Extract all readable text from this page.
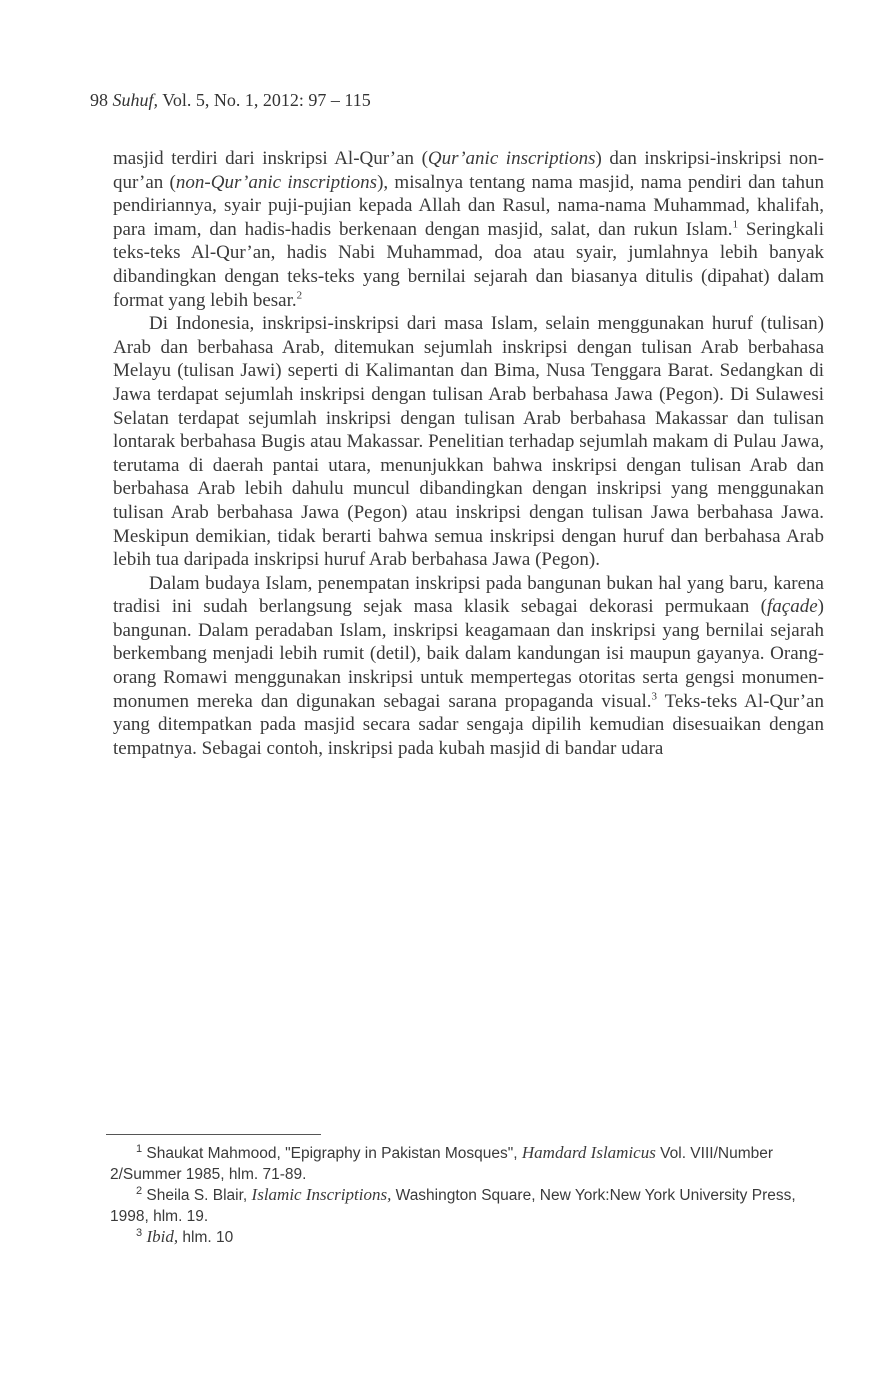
98 Suhuf, Vol. 5, No. 1, 2012: 97 – 115

masjid terdiri dari inskripsi Al-Qur’an (Qur’anic inscriptions) dan inskripsi-inskripsi non-qur’an (non-Qur’anic inscriptions), misalnya tentang nama masjid, nama pendiri dan tahun pendiriannya, syair puji-pujian kepada Allah dan Rasul, nama-nama Muhammad, khalifah, para imam, dan hadis-hadis berkenaan dengan masjid, salat, dan rukun Islam.$^1$ Seringkali teks-teks Al-Qur’an, hadis Nabi Muhammad, doa atau syair, jumlahnya lebih banyak dibandingkan dengan teks-teks yang bernilai sejarah dan biasanya ditulis (dipahat) dalam format yang lebih besar.$^2$

Di Indonesia, inskripsi-inskripsi dari masa Islam, selain menggunakan huruf (tulisan) Arab dan berbahasa Arab, ditemukan sejumlah inskripsi dengan tulisan Arab berbahasa Melayu (tulisan Jawi) seperti di Kalimantan dan Bima, Nusa Tenggara Barat. Sedangkan di Jawa terdapat sejumlah inskripsi dengan tulisan Arab berbahasa Jawa (Pegon). Di Sulawesi Selatan terdapat sejumlah inskripsi dengan tulisan Arab berbahasa Makassar dan tulisan lontarak berbahasa Bugis atau Makassar. Penelitian terhadap sejumlah makam di Pulau Jawa, terutama di daerah pantai utara, menunjukkan bahwa inskripsi dengan tulisan Arab dan berbahasa Arab lebih dahulu muncul dibandingkan dengan inskripsi yang menggunakan tulisan Arab berbahasa Jawa (Pegon) atau inskripsi dengan tulisan Jawa berbahasa Jawa. Meskipun demikian, tidak berarti bahwa semua inskripsi dengan huruf dan berbahasa Arab lebih tua daripada inskripsi huruf Arab berbahasa Jawa (Pegon).

Dalam budaya Islam, penempatan inskripsi pada bangunan bukan hal yang baru, karena tradisi ini sudah berlangsung sejak masa klasik sebagai dekorasi permukaan (façade) bangunan. Dalam peradaban Islam, inskripsi keagamaan dan inskripsi yang bernilai sejarah berkembang menjadi lebih rumit (detil), baik dalam kandungan isi maupun gayanya. Orang-orang Romawi menggunakan inskripsi untuk mempertegas otoritas serta gengsi monumen-monumen mereka dan digunakan sebagai sarana propaganda visual.$^3$ Teks-teks Al-Qur’an yang ditempatkan pada masjid secara sadar sengaja dipilih kemudian disesuaikan dengan tempatnya. Sebagai contoh, inskripsi pada kubah masjid di bandar udara

$^1$ Shaukat Mahmood, "Epigraphy in Pakistan Mosques", Hamdard Islamicus Vol. VIII/Number 2/Summer 1985, hlm. 71-89.

$^2$ Sheila S. Blair, Islamic Inscriptions, Washington Square, New York:New York University Press, 1998, hlm. 19.

$^3$ Ibid, hlm. 10
